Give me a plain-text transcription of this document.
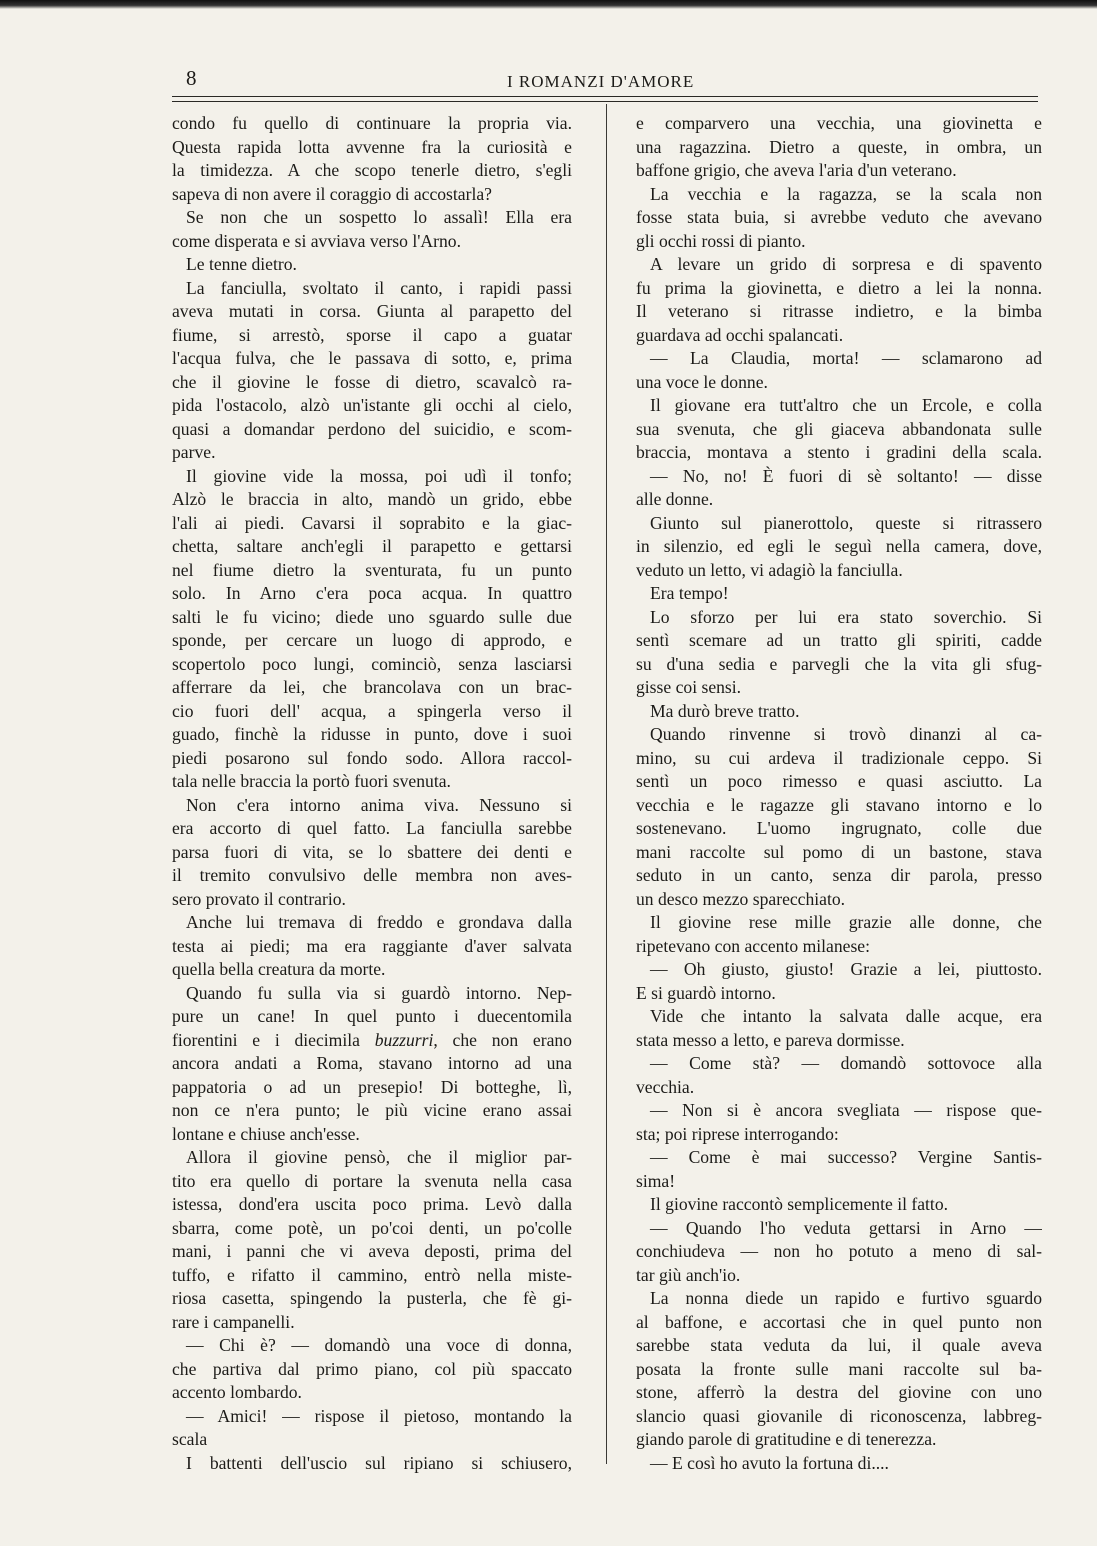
8	I ROMANZI D'AMORE
condo fu quello di continuare la propria via.
Questa rapida lotta avvenne fra la curiosità e
la timidezza. A che scopo tenerle dietro, s'egli
sapeva di non avere il coraggio di accostarla?
Se non che un sospetto lo assalì! Ella era
come disperata e si avviava verso l'Arno.
Le tenne dietro.
La fanciulla, svoltato il canto, i rapidi passi
aveva mutati in corsa. Giunta al parapetto del
fiume, si arrestò, sporse il capo a guatar
l'acqua fulva, che le passava di sotto, e, prima
che il giovine le fosse di dietro, scavalcò ra-
pida l'ostacolo, alzò un'istante gli occhi al cielo,
quasi a domandar perdono del suicidio, e scom-
parve.
Il giovine vide la mossa, poi udì il tonfo;
Alzò le braccia in alto, mandò un grido, ebbe
l'ali ai piedi. Cavarsi il soprabito e la giac-
chetta, saltare anch'egli il parapetto e gettarsi
nel fiume dietro la sventurata, fu un punto
solo. In Arno c'era poca acqua. In quattro
salti le fu vicino; diede uno sguardo sulle due
sponde, per cercare un luogo di approdo, e
scopertolo poco lungi, cominciò, senza lasciarsi
afferrare da lei, che brancolava con un brac-
cio fuori dell' acqua, a spingerla verso il
guado, finchè la ridusse in punto, dove i suoi
piedi posarono sul fondo sodo. Allora raccol-
tala nelle braccia la portò fuori svenuta.
Non c'era intorno anima viva. Nessuno si
era accorto di quel fatto. La fanciulla sarebbe
parsa fuori di vita, se lo sbattere dei denti e
il tremito convulsivo delle membra non aves-
sero provato il contrario.
Anche lui tremava di freddo e grondava dalla
testa ai piedi; ma era raggiante d'aver salvata
quella bella creatura da morte.
Quando fu sulla via si guardò intorno. Nep-
pure un cane! In quel punto i duecentomila
fiorentini e i diecimila buzzurri, che non erano
ancora andati a Roma, stavano intorno ad una
pappatoria o ad un presepio! Di botteghe, lì,
non ce n'era punto; le più vicine erano assai
lontane e chiuse anch'esse.
Allora il giovine pensò, che il miglior par-
tito era quello di portare la svenuta nella casa
istessa, dond'era uscita poco prima. Levò dalla
sbarra, come potè, un po'coi denti, un po'colle
mani, i panni che vi aveva deposti, prima del
tuffo, e rifatto il cammino, entrò nella miste-
riosa casetta, spingendo la pusterla, che fè gi-
rare i campanelli.
— Chi è? — domandò una voce di donna,
che partiva dal primo piano, col più spaccato
accento lombardo.
— Amici! — rispose il pietoso, montando la
scala
I battenti dell'uscio sul ripiano si schiusero,
e comparvero una vecchia, una giovinetta e
una ragazzina. Dietro a queste, in ombra, un
baffone grigio, che aveva l'aria d'un veterano.
La vecchia e la ragazza, se la scala non
fosse stata buia, si avrebbe veduto che avevano
gli occhi rossi di pianto.
A levare un grido di sorpresa e di spavento
fu prima la giovinetta, e dietro a lei la nonna.
Il veterano si ritrasse indietro, e la bimba
guardava ad occhi spalancati.
— La Claudia, morta! — sclamarono ad
una voce le donne.
Il giovane era tutt'altro che un Ercole, e colla
sua svenuta, che gli giaceva abbandonata sulle
braccia, montava a stento i gradini della scala.
— No, no! È fuori di sè soltanto! — disse
alle donne.
Giunto sul pianerottolo, queste si ritrassero
in silenzio, ed egli le seguì nella camera, dove,
veduto un letto, vi adagiò la fanciulla.
Era tempo!
Lo sforzo per lui era stato soverchio. Si
sentì scemare ad un tratto gli spiriti, cadde
su d'una sedia e parvegli che la vita gli sfug-
gisse coi sensi.
Ma durò breve tratto.
Quando rinvenne si trovò dinanzi al ca-
mino, su cui ardeva il tradizionale ceppo. Si
sentì un poco rimesso e quasi asciutto. La
vecchia e le ragazze gli stavano intorno e lo
sostenevano. L'uomo ingrugnato, colle due
mani raccolte sul pomo di un bastone, stava
seduto in un canto, senza dir parola, presso
un desco mezzo sparecchiato.
Il giovine rese mille grazie alle donne, che
ripetevano con accento milanese:
— Oh giusto, giusto! Grazie a lei, piuttosto.
E si guardò intorno.
Vide che intanto la salvata dalle acque, era
stata messo a letto, e pareva dormisse.
— Come stà? — domandò sottovoce alla
vecchia.
— Non si è ancora svegliata — rispose que-
sta; poi riprese interrogando:
— Come è mai successo? Vergine Santis-
sima!
Il giovine raccontò semplicemente il fatto.
— Quando l'ho veduta gettarsi in Arno —
conchiudeva — non ho potuto a meno di sal-
tar giù anch'io.
La nonna diede un rapido e furtivo sguardo
al baffone, e accortasi che in quel punto non
sarebbe stata veduta da lui, il quale aveva
posata la fronte sulle mani raccolte sul ba-
stone, afferrò la destra del giovine con uno
slancio quasi giovanile di riconoscenza, labbreg-
giando parole di gratitudine e di tenerezza.
— E così ho avuto la fortuna di....
